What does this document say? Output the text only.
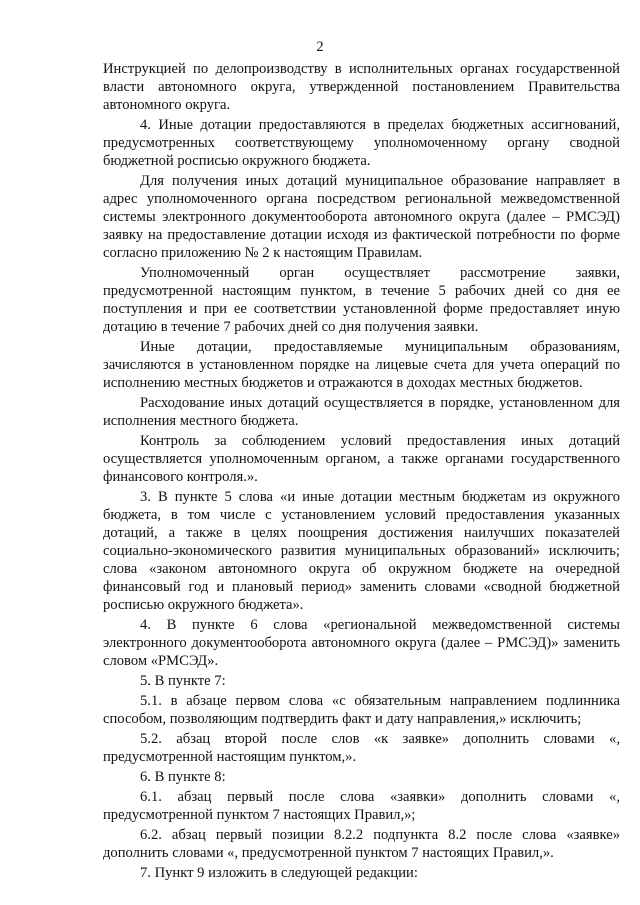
2

Инструкцией по делопроизводству в исполнительных органах государственной власти автономного округа, утвержденной постановлением Правительства автономного округа.

4. Иные дотации предоставляются в пределах бюджетных ассигнований, предусмотренных соответствующему уполномоченному органу сводной бюджетной росписью окружного бюджета.

Для получения иных дотаций муниципальное образование направляет в адрес уполномоченного органа посредством региональной межведомственной системы электронного документооборота автономного округа (далее – РМСЭД) заявку на предоставление дотации исходя из фактической потребности по форме согласно приложению № 2 к настоящим Правилам.

Уполномоченный орган осуществляет рассмотрение заявки, предусмотренной настоящим пунктом, в течение 5 рабочих дней со дня ее поступления и при ее соответствии установленной форме предоставляет иную дотацию в течение 7 рабочих дней со дня получения заявки.

Иные дотации, предоставляемые муниципальным образованиям, зачисляются в установленном порядке на лицевые счета для учета операций по исполнению местных бюджетов и отражаются в доходах местных бюджетов.

Расходование иных дотаций осуществляется в порядке, установленном для исполнения местного бюджета.

Контроль за соблюдением условий предоставления иных дотаций осуществляется уполномоченным органом, а также органами государственного финансового контроля.».

3. В пункте 5 слова «и иные дотации местным бюджетам из окружного бюджета, в том числе с установлением условий предоставления указанных дотаций, а также в целях поощрения достижения наилучших показателей социально-экономического развития муниципальных образований» исключить; слова «законом автономного округа об окружном бюджете на очередной финансовый год и плановый период» заменить словами «сводной бюджетной росписью окружного бюджета».

4. В пункте 6 слова «региональной межведомственной системы электронного документооборота автономного округа (далее – РМСЭД)» заменить словом «РМСЭД».

5. В пункте 7:

5.1. в абзаце первом слова «с обязательным направлением подлинника способом, позволяющим подтвердить факт и дату направления,» исключить;

5.2. абзац второй после слов «к заявке» дополнить словами «, предусмотренной настоящим пунктом,».

6. В пункте 8:

6.1. абзац первый после слова «заявки» дополнить словами «, предусмотренной пунктом 7 настоящих Правил,»;

6.2. абзац первый позиции 8.2.2 подпункта 8.2 после слова «заявке» дополнить словами «, предусмотренной пунктом 7 настоящих Правил,».

7. Пункт 9 изложить в следующей редакции:
